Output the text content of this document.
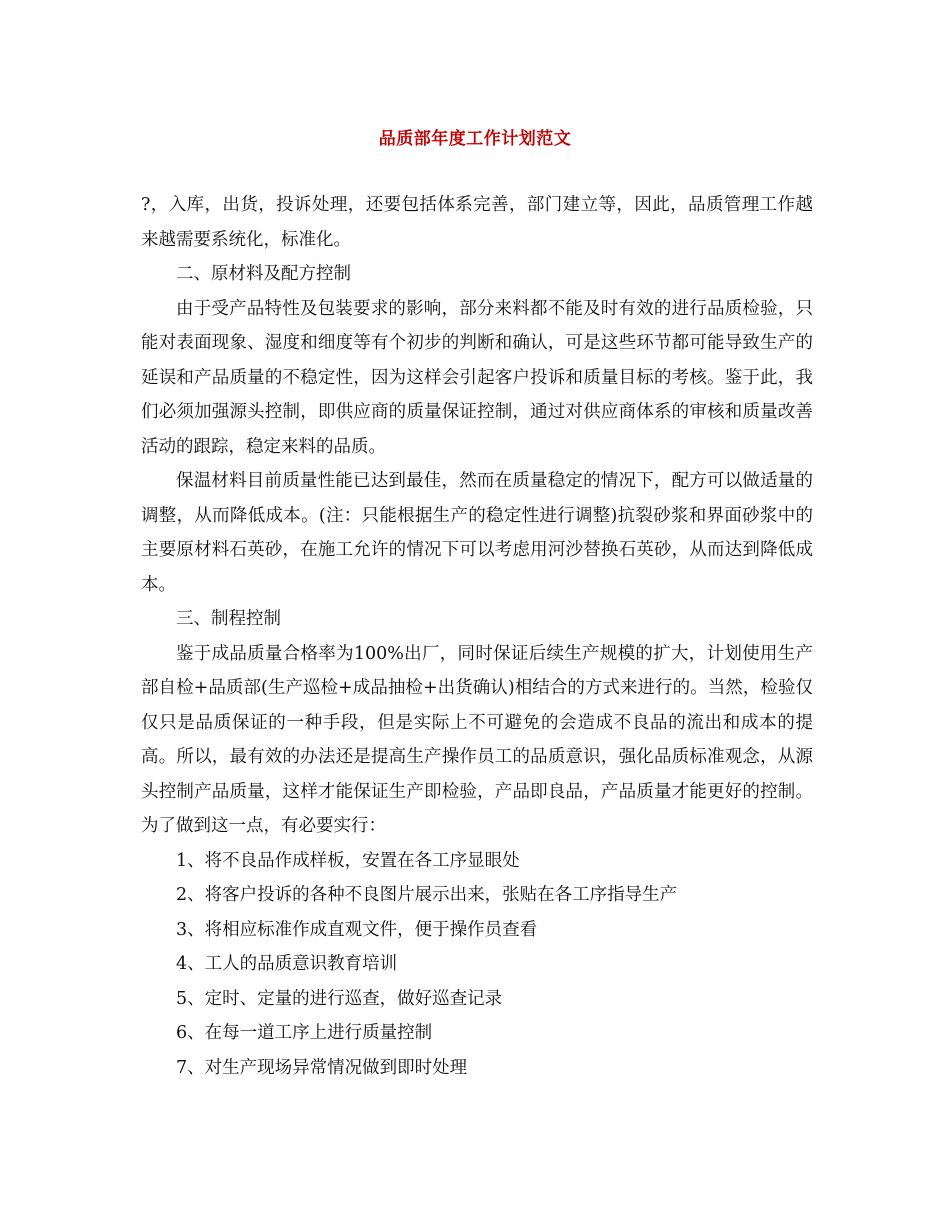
品质部年度工作计划范文

?，入库，出货，投诉处理，还要包括体系完善，部门建立等，因此，品质管理工作越来越需要系统化，标准化。

二、原材料及配方控制

由于受产品特性及包装要求的影响，部分来料都不能及时有效的进行品质检验，只能对表面现象、湿度和细度等有个初步的判断和确认，可是这些环节都可能导致生产的延误和产品质量的不稳定性，因为这样会引起客户投诉和质量目标的考核。鉴于此，我们必须加强源头控制，即供应商的质量保证控制，通过对供应商体系的审核和质量改善活动的跟踪，稳定来料的品质。

保温材料目前质量性能已达到最佳，然而在质量稳定的情况下，配方可以做适量的调整，从而降低成本。(注：只能根据生产的稳定性进行调整)抗裂砂浆和界面砂浆中的主要原材料石英砂，在施工允许的情况下可以考虑用河沙替换石英砂，从而达到降低成本。

三、制程控制

鉴于成品质量合格率为100%出厂，同时保证后续生产规模的扩大，计划使用生产部自检+品质部(生产巡检+成品抽检+出货确认)相结合的方式来进行的。当然，检验仅仅只是品质保证的一种手段，但是实际上不可避免的会造成不良品的流出和成本的提高。所以，最有效的办法还是提高生产操作员工的品质意识，强化品质标准观念，从源头控制产品质量，这样才能保证生产即检验，产品即良品，产品质量才能更好的控制。为了做到这一点，有必要实行：

1、将不良品作成样板，安置在各工序显眼处

2、将客户投诉的各种不良图片展示出来，张贴在各工序指导生产

3、将相应标准作成直观文件，便于操作员查看

4、工人的品质意识教育培训

5、定时、定量的进行巡查，做好巡查记录

6、在每一道工序上进行质量控制

7、对生产现场异常情况做到即时处理
